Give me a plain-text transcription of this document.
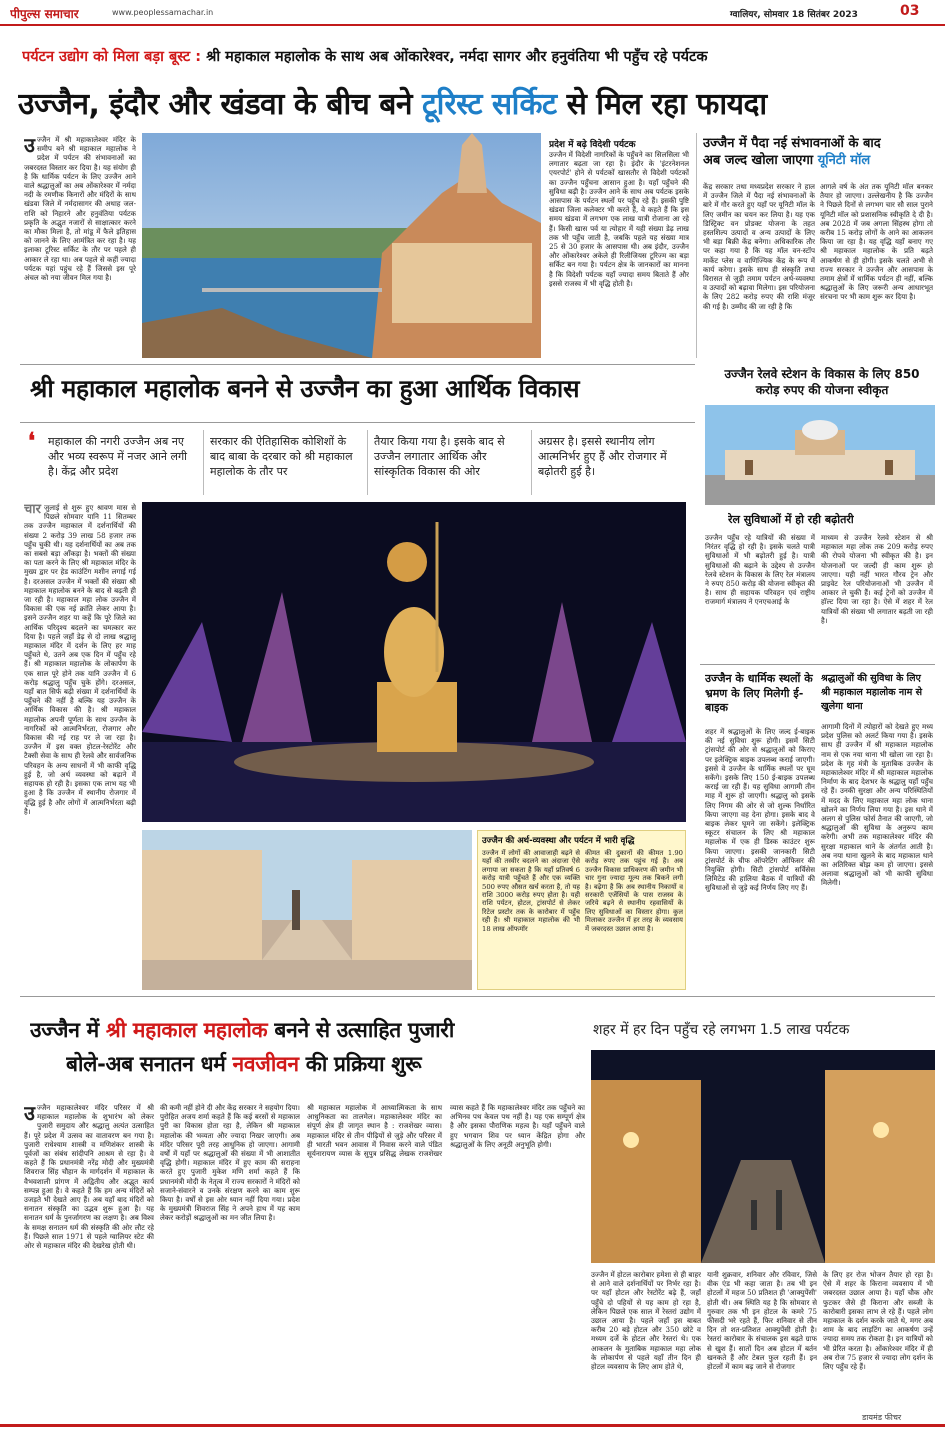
पीपुल्स समाचार	www.peoplessamachar.in	ग्वालियर, सोमवार 18 सितंबर 2023	03
पर्यटन उद्योग को मिला बड़ा बूस्ट : श्री महाकाल महालोक के साथ अब ओंकारेश्वर, नर्मदा सागर और हनुवंतिया भी पहुँच रहे पर्यटक
उज्जैन, इंदौर और खंडवा के बीच बने टूरिस्ट सर्किट से मिल रहा फायदा
उ ज्जैन में श्री महाकालेश्वर मंदिर के समीप बने श्री महाकाल महालोक ने प्रदेश में पर्यटन की संभावनाओं का जबरदस्त विस्तार कर दिया है। यह संयोग ही है कि धार्मिक पर्यटन के लिए उज्जैन आने वाले श्रद्धालुओं का अब ओंकारेश्वर में नर्मदा नदी के रमणीक किनारों और मंदिरों के साथ खंडवा जिले में नर्मदासागर की अथाह जल-राशि को निहारने और हनुवंतिया पर्यटक प्रकृति के अद्भुत नजारों से साक्षात्कार करने का मौका मिला है, तो मांडू में फैले इतिहास को जानने के लिए आमंत्रित कर रहा है। यह इलाका टूरिस्ट सर्किट के तौर पर पहले ही आकार ले रहा था। अब पहले से कहीं ज्यादा पर्यटक यहां पहुंच रहे हैं जिससे इस पूरे अंचल को नया जीवन मिल गया है।
प्रदेश में बढ़े विदेशी पर्यटक
उज्जैन में विदेशी नागरिकों के पहुँचने का सिलसिला भी लगातार बढ़ता जा रहा है। इंदौर के 'इंटरनेशनल एयरपोर्ट' होने से पर्यटकों खासतौर से विदेशी पर्यटकों का उज्जैन पहुँचना आसान हुआ है। यहाँ पहुँचने की सुविधा बढ़ी है। उज्जैन आने के साथ अब पर्यटक इसके आसपास के पर्यटन स्थलों पर पहुँच रहे हैं। इसकी पुष्टि खंडवा जिला कलेक्टर भी करते हैं, वे कहते हैं कि इस समय खंडवा में लगभग एक लाख यात्री रोजाना आ रहे हैं। किसी खास पर्व या त्योहार में यही संख्या डेढ़ लाख तक भी पहुँच जाती है, जबकि पहले यह संख्या मात्र 25 से 30 हजार के आसपास थी। अब इंदौर, उज्जैन और ओंकारेश्वर अकेले ही रिलीजियस टूरिज्म का बड़ा सर्किट बन गया है। पर्यटन क्षेत्र के जानकारों का मानना है कि विदेशी पर्यटक यहाँ ज्यादा समय बिताते हैं और इससे राजस्व में भी वृद्धि होती है।
उज्जैन में पैदा नई संभावनाओं के बाद
अब जल्द खोला जाएगा यूनिटी मॉल
केंद्र सरकार तथा मध्यप्रदेश सरकार ने हाल में उज्जैन जिले में पैदा नई संभावनाओं के बारे में गौर करते हुए यहाँ पर यूनिटी मॉल के लिए जमीन का चयन कर लिया है। यह एक डिस्ट्रिक्ट वन प्रोडक्ट योजना के तहत हस्तशिल्प उत्पादों व अन्य उत्पादों के लिए भी बड़ा बिक्री केंद्र बनेगा। अधिकारिक तौर पर कहा गया है कि यह मॉल वन-स्टॉप मार्केट प्लेस व वाणिज्यिक केंद्र के रूप में कार्य करेगा। इसके साथ ही संस्कृति तथा विरासत से जुड़ी तमाम पर्यटन अर्थ-व्यवस्था व उत्पादों को बढ़ावा मिलेगा। इस परियोजना के लिए 282 करोड़ रुपए की राशि मंजूर की गई है। उम्मीद की जा रही है कि
आगले वर्ष के अंत तक यूनिटी मॉल बनकर तैयार हो जाएगा। उल्लेखनीय है कि उज्जैन ने पिछले दिनों से लगभग चार सौ साल पुराने यूनिटी मॉल को प्रशासनिक स्वीकृति दे दी है। अब 2028 में जब अगला सिंहस्थ होगा तो करीब 15 करोड़ लोगों के आने का आकलन किया जा रहा है। यह वृद्धि यहाँ बनाए गए श्री महाकाल महालोक के प्रति बढ़ते आकर्षण से ही होगी। इसके चलते अभी से राज्य सरकार ने उज्जैन और आसपास के तमाम क्षेत्रों में धार्मिक पर्यटन ही नहीं, बल्कि श्रद्धालुओं के लिए जरूरी अन्य आधारभूत संरचना पर भी काम शुरू कर दिया है।
श्री महाकाल महालोक बनने से उज्जैन का हुआ आर्थिक विकास	उज्जैन रेलवे स्टेशन के विकास के लिए 850 करोड़ रुपए की योजना स्वीकृत
❛ महाकाल की नगरी उज्जैन अब नए और भव्य स्वरूप में नजर आने लगी है। केंद्र और प्रदेश
सरकार की ऐतिहासिक कोशिशों के बाद बाबा के दरबार को श्री महाकाल महालोक के तौर पर
तैयार किया गया है। इसके बाद से उज्जैन लगातार आर्थिक और सांस्कृतिक विकास की ओर
अग्रसर है। इससे स्थानीय लोग आत्मनिर्भर हुए हैं और रोजगार में बढ़ोतरी हुई है।
चार जुलाई से शुरू हुए श्रावण मास से पिछले सोमवार यानि 11 सितम्बर तक उज्जैन महाकाल में दर्शनार्थियों की संख्या 2 करोड़ 39 लाख 58 हजार तक पहुँच चुकी थी। यह दर्शनार्थियों का अब तक का सबसे बड़ा आँकड़ा है। भक्तों की संख्या का पता करने के लिए श्री महाकाल मंदिर के मुख्य द्वार पर हेड काउंटिंग मशीन लगाई गई है। दरअसल उज्जैन में भक्तों की संख्या श्री महाकाल महालोक बनने के बाद से बढ़ती ही जा रही है। महाकाल महा लोक उज्जैन में विकास की एक नई क्रांति लेकर आया है। इसने उज्जैन शहर या कहें कि पूरे जिले का आर्थिक परिदृश्य बदलने का चमत्कार कर दिया है। पहले जहाँ डेढ़ से दो लाख श्रद्धालु महाकाल मंदिर में दर्शन के लिए हर माह पहुँचते थे, उतने अब एक दिन में पहुँच रहे हैं। श्री महाकाल महालोक के लोकार्पण के एक साल पूरे होने तक यानि उज्जैन में 6 करोड़ श्रद्धालु पहुँच चुके होंगे। दरअसल, यहाँ बात सिर्फ बढ़ी संख्या में दर्शनार्थियों के पहुँचने की नहीं है बल्कि यह उज्जैन के आर्थिक विकास की है। श्री महाकाल महालोक अपनी पूर्णता के साथ उज्जैन के नागरिकों को आत्मनिर्भरता, रोजगार और विकास की नई राह पर ले जा रहा है। उज्जैन में इस वक्त होटल-रेस्टोरेंट और टैक्सी सेवा के साथ ही रेलवे और सार्वजनिक परिवहन के अन्य साधनों में भी काफी वृद्धि हुई है, जो अर्थ व्यवस्था को बढ़ाने में सहायक हो रही है। इसका एक लाभ यह भी हुआ है कि उज्जैन में स्थानीय रोजगार में वृद्धि हुई है और लोगों में आत्मनिर्भरता बढ़ी है।
उज्जैन की अर्थ-व्यवस्था और पर्यटन में भारी वृद्धि
उज्जैन में लोगों की आवाजाही बढ़ने से यहाँ की तस्वीर बदलने का अंदाजा ऐसे लगाया जा सकता है कि यहाँ प्रतिवर्ष 6 करोड़ यात्री पहुँचते हैं और एक व्यक्ति 500 रुपए औसत खर्च करता है, तो यह राशि 3000 करोड़ रुपए होता है। यही राशि पर्यटन, होटल, ट्रांसपोर्ट से लेकर रिटेल प्रस्टोर तक के कारोबार में पहुँच रही है। श्री महाकाल महालोक की भी 18 लाख ऑफमॉर
कीमत की दुकानों की कीमत 1.90 करोड़ रुपए तक पहुंच गई है। अब उज्जैन विकास प्राधिकरण की जमीन भी चार गुना ज्यादा मूल्य तक बिकने लगी है। बढ़ेगा है कि अब स्थानीय निकायों व सरकारी एजेंसियों के पास राजस्व के जरिये बढ़ने से स्थानीय रहवासियों के लिए सुविधाओं का विस्तार होगा। कुल मिलाकर उज्जैन में हर तरह के व्यवसाय में जबरदस्त उछाल आया है।
रेल सुविधाओं में हो रही बढ़ोतरी
उज्जैन पहुँच रहे यात्रियों की संख्या में निरंतर वृद्धि हो रही है। इसके चलते यात्री सुविधाओं में भी बढ़ोतरी हुई है। यात्री सुविधाओं की बढ़ाने के उद्देश्य से उज्जैन रेलवे स्टेशन के विकास के लिए रेल मंत्रालय ने रुपए 850 करोड़ की योजना स्वीकृत की है। साथ ही सहायक परिवहन एवं राष्ट्रीय राजमार्ग मंत्रालय ने एनएचआई के
माध्यम से उज्जैन रेलवे स्टेशन से श्री महाकाल महा लोक तक 209 करोड़ रुपए की रोपवे योजना भी स्वीकृत की है। इन योजनाओं पर जल्दी ही काम शुरू हो जाएगा। यही नहीं भारत गौरव ट्रेन और प्राइवेट रेल परियोजनाओं भी उज्जैन में आकार ले चुकी हैं। कई ट्रेनों को उज्जैन में हॉल्ट दिया जा रहा है। ऐसे में शहर में रेल यात्रियों की संख्या भी लगातार बढ़ती जा रही है।
उज्जैन के धार्मिक स्थलों के भ्रमण के लिए मिलेगी ई-बाइक
शहर में श्रद्धालुओं के लिए जल्द ई-बाइक की नई सुविधा शुरू होगी। इसमें सिटी ट्रांसपोर्ट की ओर से श्रद्धालुओं को किराए पर इलेक्ट्रिक बाइक उपलब्ध कराई जाएगी। इससे वे उज्जैन के धार्मिक स्थलों पर घूम सकेंगे। इसके लिए 150 ई-बाइक उपलब्ध कराई जा रही हैं। यह सुविधा आगामी तीन माह में शुरू हो जाएगी। श्रद्धालु को इसके लिए निगम की ओर से जो शुल्क निर्धारित किया जाएगा वह देना होगा। इसके बाद वे बाइक लेकर घूमने जा सकेंगे। इलेक्ट्रिक स्कूटर संचालन के लिए श्री महाकाल महालोक में एक ही डिस्क काउंटर शुरू किया जाएगा। इसकी जानकारी सिटी ट्रांसपोर्ट के चीफ ऑपरेटिंग ऑफिसर की नियुक्ति होगी। सिटी ट्रांसपोर्ट सर्विसेस लिमिटेड की हालिया बैठक में यात्रियों की सुविधाओं से जुड़े कई निर्णय लिए गए हैं।
श्रद्धालुओं की सुविधा के लिए श्री महाकाल महालोक नाम से खुलेगा थाना
आगामी दिनों में त्योहारों को देखते हुए मध्य प्रदेश पुलिस को अलर्ट किया गया है। इसके साथ ही उज्जैन में श्री महाकाल महालोक नाम से एक नया थाना भी खोला जा रहा है। प्रदेश के गृह मंत्री के मुताबिक उज्जैन के महाकालेश्वर मंदिर में श्री महाकाल महालोक निर्माण के बाद देशभर के श्रद्धालु यहाँ पहुँच रहे हैं। उनकी सुरक्षा और अन्य परिस्थितियों में मदद के लिए महाकाल महा लोक थाना खोलने का निर्णय लिया गया है। इस थाने में अलग से पुलिस फोर्स तैनात की जाएगी, जो श्रद्धालुओं की सुविधा के अनुरूप काम करेगी। अभी तक महाकालेश्वर मंदिर की सुरक्षा महाकाल थाने के अंतर्गत आती है। अब नया थाना खुलने के बाद महाकाल थाने का अतिरिक्त बोझ कम हो जाएगा। इससे अलावा श्रद्धालुओं को भी काफी सुविधा मिलेगी।
उज्जैन में श्री महाकाल महालोक बनने से उत्साहित पुजारी
बोले-अब सनातन धर्म नवजीवन की प्रक्रिया शुरू
शहर में हर दिन पहुँच रहे लगभग 1.5 लाख पर्यटक
उ ज्जैन महाकालेश्वर मंदिर परिसर में श्री महाकाल महालोक के शुभारंभ को लेकर पुजारी समुदाय और श्रद्धालु अत्यंत उत्साहित हैं। पूरे प्रदेश में उत्सव का वातावरण बन गया है। पुजारी राधेश्याम शास्त्री व मणिशंकर शास्त्री के पूर्वजों का संबंध सांदीपनि आश्रम से रहा है। वे कहते हैं कि प्रधानमंत्री नरेंद्र मोदी और मुख्यमंत्री शिवराज सिंह चौहान के मार्गदर्शन में महाकाल के वैभवशाली प्रांगण में अद्वितीय और अद्भुत कार्य सम्पन्न हुआ है। वे कहते हैं कि हम अन्य मंदिरों को उजड़ते भी देखते आए हैं। अब यहाँ बाद मंदिरों को सनातन संस्कृति का उद्भव शुरू हुआ है। यह सनातन धर्म के पुनर्जागरण का लक्षण है। अब विश्व के समक्ष सनातन धर्म की संस्कृति की ओर लौट रहे हैं। पिछले साल 1971 से पहले ग्वालियर स्टेट की ओर से महाकाल मंदिर की देखरेख होती थी।
की कमी नहीं होने दी और केंद्र सरकार ने सहयोग दिया। पुरोहित अजय शर्मा कहते हैं कि कई बरसों से महाकाल पुरी का विकास होता रहा है, लेकिन श्री महाकाल महालोक की भव्यता और ज्यादा निखर जाएगी। अब मंदिर परिसर पूरी तरह आधुनिक हो जाएगा। आगामी वर्षों में यहाँ पर श्रद्धालुओं की संख्या में भी आशातीत वृद्धि होगी। महाकाल मंदिर में हुए काम की सराहना करते हुए पुजारी मुकेश मणि शर्मा कहते हैं कि प्रधानमंत्री मोदी के नेतृत्व में राज्य सरकारों ने मंदिरों को सजाने-संवारने व उनके संरक्षण करने का काम शुरू किया है। वर्षों से इस ओर ध्यान नहीं दिया गया। प्रदेश के मुख्यमंत्री शिवराज सिंह ने अपने हाथ में यह काम लेकर करोड़ों श्रद्धालुओं का मन जीत लिया है।
श्री महाकाल महालोक में आध्यात्मिकता के साथ आधुनिकता का तालमेल। महाकालेश्वर मंदिर का संपूर्ण क्षेत्र ही जागृत स्थान है : राजशेखर व्यास। महाकाल मंदिर से तीन पीढ़ियों से जुड़े और परिसर में ही भारती भवन आवास में निवास करने वाले पंडित सूर्यनारायण व्यास के सुपुत्र प्रसिद्ध लेखक राजशेखर व्यास कहते हैं कि महाकालेश्वर मंदिर तक पहुँचने का अभिनव पथ केवल पथ नहीं है। यह एक सम्पूर्ण क्षेत्र है और इसका पौराणिक महत्व है। यहाँ पहुँचने वाले हुए भगवान शिव पर ध्यान केंद्रित होगा और श्रद्धालुओं के लिए अनूठी अनुभूति होगी।
उज्जैन में होटल कारोबार हमेशा से ही बाहर से आने वाले दर्शनार्थियों पर निर्भर रहा है। पर यहाँ होटल और रेस्टोरेंट बढ़े हैं, जहाँ पहुँचे दो पहियों से यह काम हो रहा है, लेकिन पिछले एक साल में रेस्तरां उद्योग में उछाल आया है। पहले जहाँ इस बाबत करीब 20 बड़े होटल और 350 छोटे व मध्यम दर्जे के होटल और रेस्तरां थे। एक आकलन के मुताबिक महाकाल महा लोक के लोकार्पण से पहले यहाँ तीन दिन ही होटल व्यवसाय के लिए आम होते थे,
यानी शुक्रवार, शनिवार और रविवार, जिसे वीक एंड भी कहा जाता है। तब भी इन होटलों में महज 50 प्रतिशत ही 'आक्युपेंसी' होती थी। अब स्थिति यह है कि सोमवार से गुरुवार तक भी इन होटल के कमरे 75 फीसदी भरे रहते हैं, फिर शनिवार से तीन दिन तो शत-प्रतिशत आक्युपेंसी होती है। रेस्तरां कारोबार के संचालक इस बढ़ते ग्राफ से खुश हैं। सातों दिन अब होटल में बर्तन खनकते हैं और टेबल फुल रहती हैं। इन होटलों में काम बढ़ जाने से रोजगार
के लिए हर रोज भोजन तैयार हो रहा है। ऐसे में शहर के किराना व्यवसाय में भी जबरदस्त उछाल आया है। यहाँ चौक और फुटकर जैसे ही किराना और सब्जी के कारोबारी इसका लाभ ले रहे हैं। पहले लोग महाकाल के दर्शन करके जाते थे, मगर अब शाम के बाद लाइटिंग का आकर्षण उन्हें ज्यादा समय तक रोकता है। इन यात्रियों को भी प्रेरित करता है। ओंकारेश्वर मंदिर में ही अब रोज 75 हजार से ज्यादा लोग दर्शन के लिए पहुँच रहे हैं।
डायमंड फीचर
